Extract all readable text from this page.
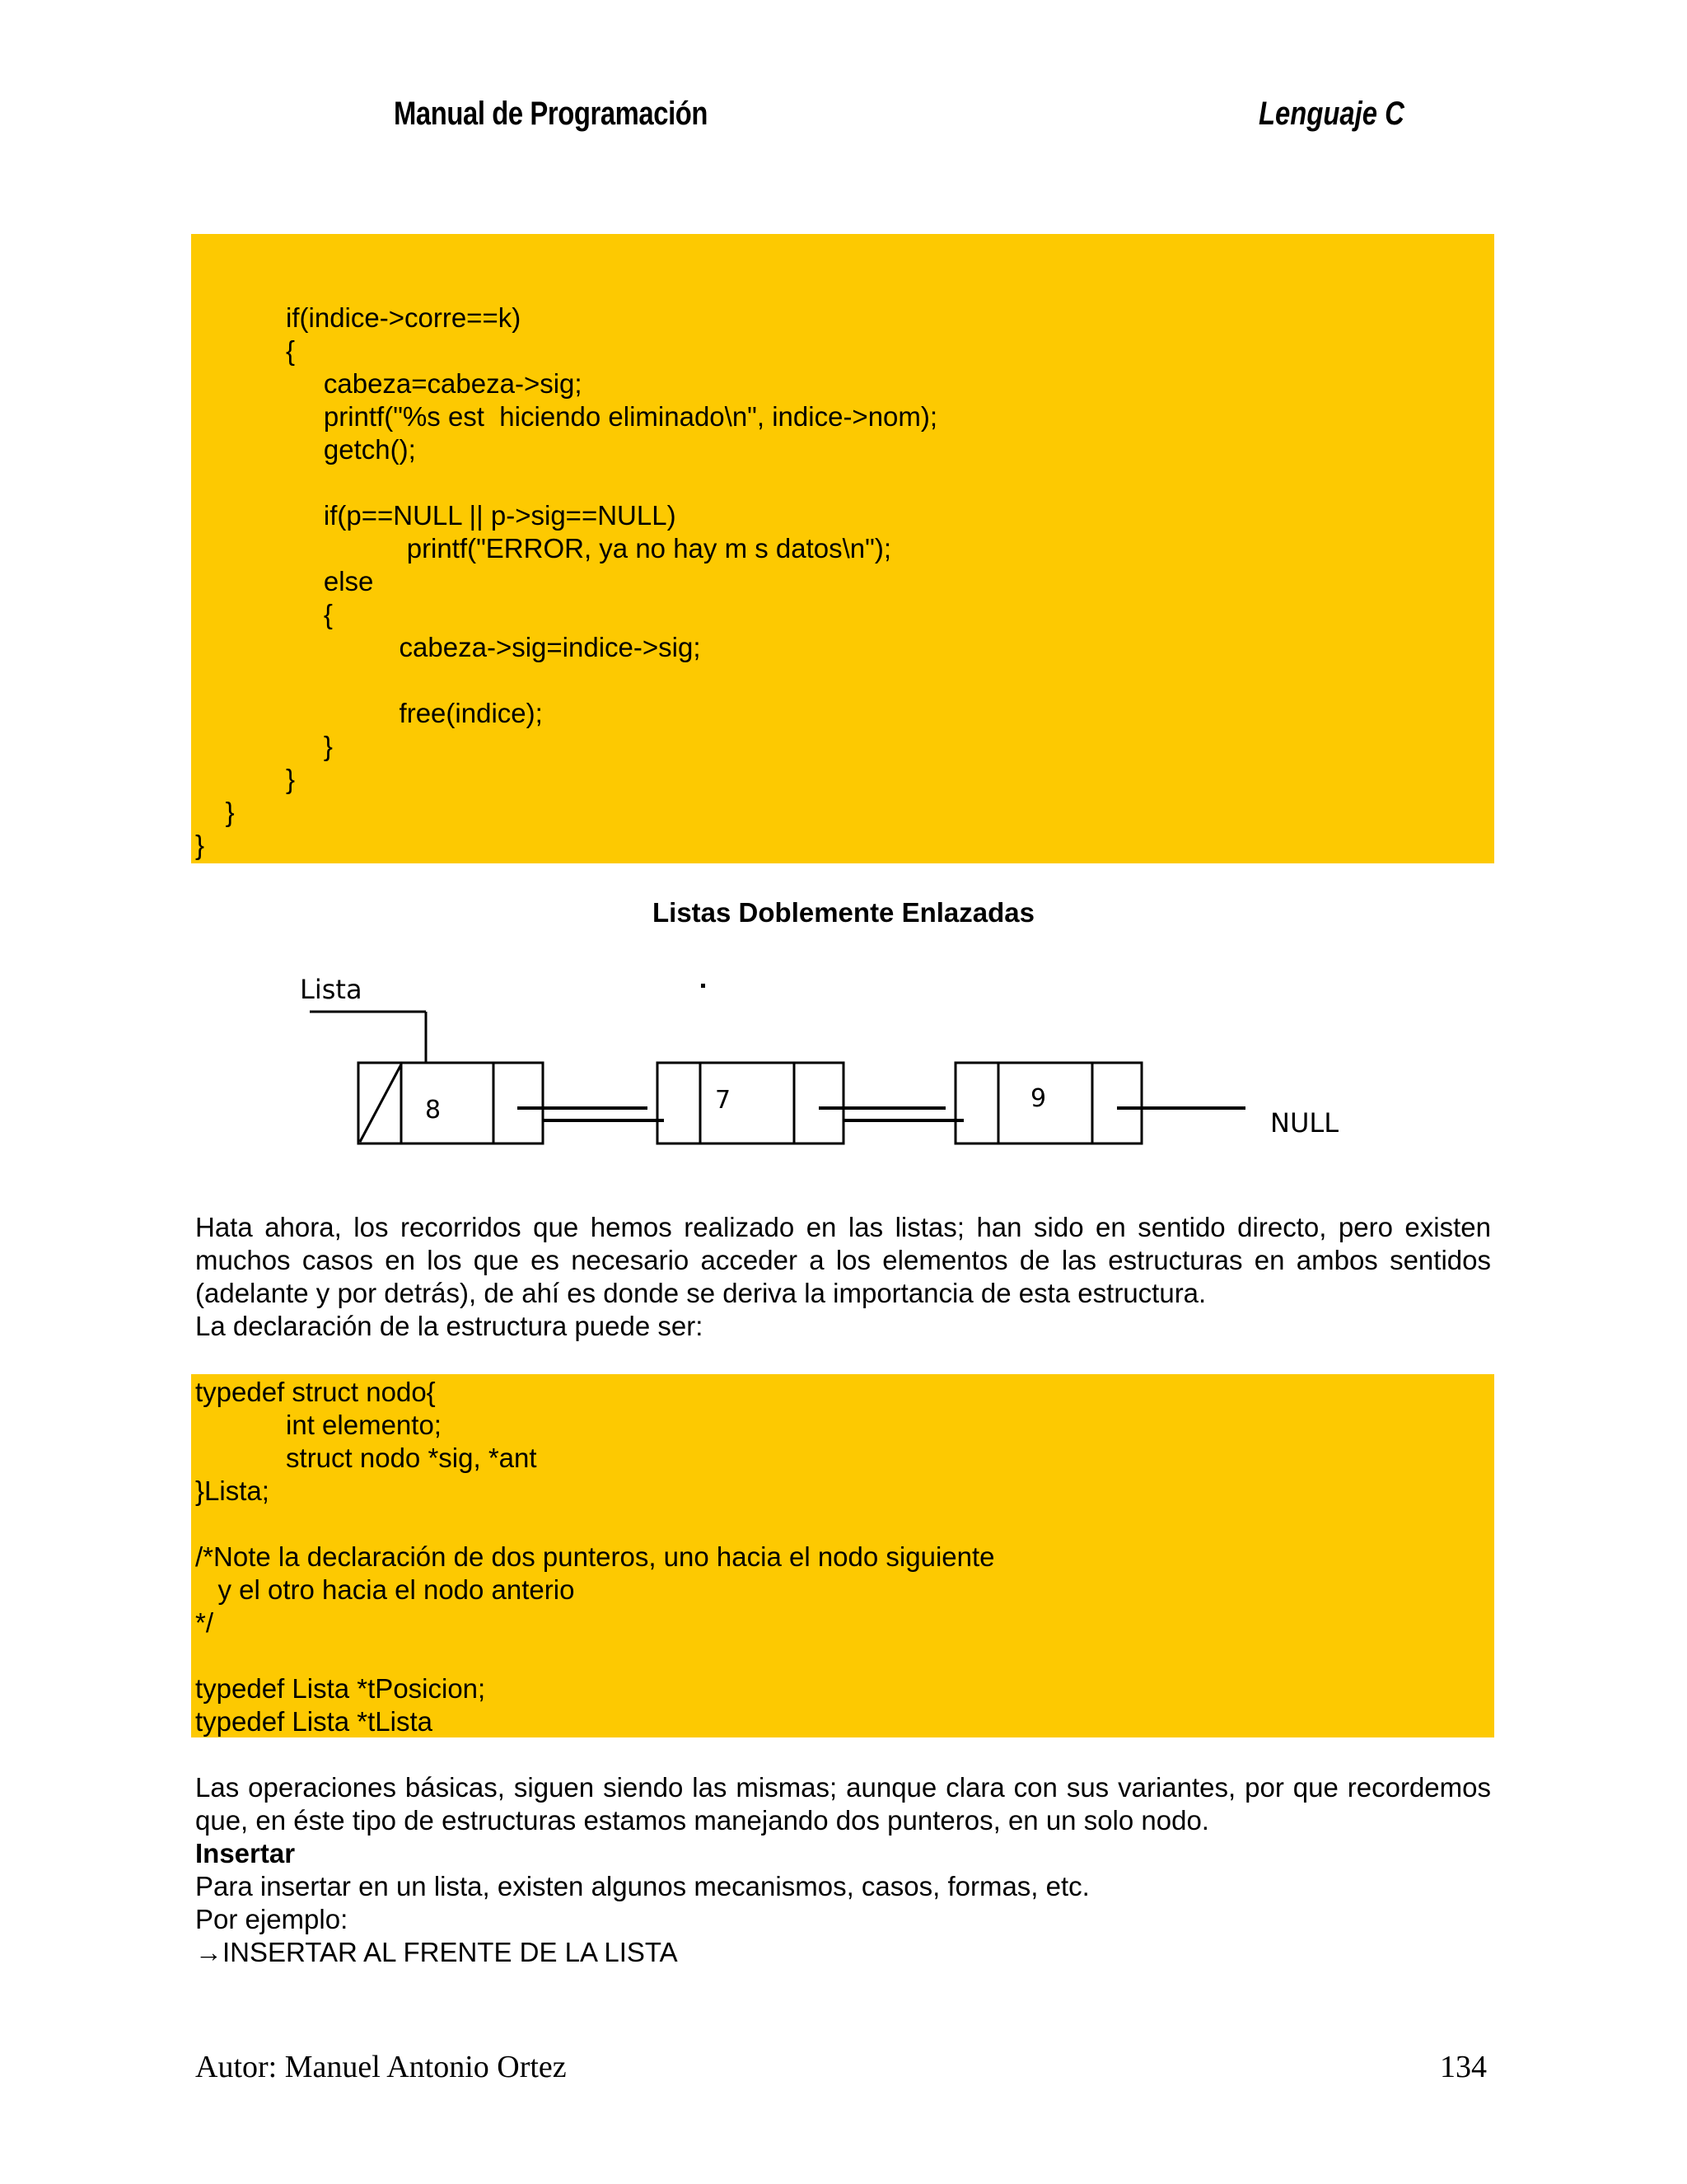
Manual de Programación	Lenguaje C
if(indice->corre==k)
{
cabeza=cabeza->sig;
printf("%s est  hiciendo eliminado\n", indice->nom);
getch();
if(p==NULL || p->sig==NULL)
printf("ERROR, ya no hay m s datos\n");
else
{
cabeza->sig=indice->sig;
free(indice);
}
}
}
}
Listas Doblemente Enlazadas
Lista
8	7	9
NULL
Hata ahora, los recorridos que hemos realizado en las listas; han sido en sentido directo, pero existen
muchos casos en los que es necesario acceder a los elementos de las estructuras en ambos sentidos
(adelante y por detrás), de ahí es donde se deriva la importancia de esta estructura.
La declaración de la estructura puede ser:
typedef struct nodo{
int elemento;
struct nodo *sig, *ant
}Lista;
/*Note la declaración de dos punteros, uno hacia el nodo siguiente
y el otro hacia el nodo anterio
*/
typedef Lista *tPosicion;
typedef Lista *tLista
Las operaciones básicas, siguen siendo las mismas; aunque clara con sus variantes, por que recordemos
que, en éste tipo de estructuras estamos manejando dos punteros, en un solo nodo.
Insertar
Para insertar en un lista, existen algunos mecanismos, casos, formas, etc.
Por ejemplo:
→INSERTAR AL FRENTE DE LA LISTA
Autor: Manuel Antonio Ortez	134
